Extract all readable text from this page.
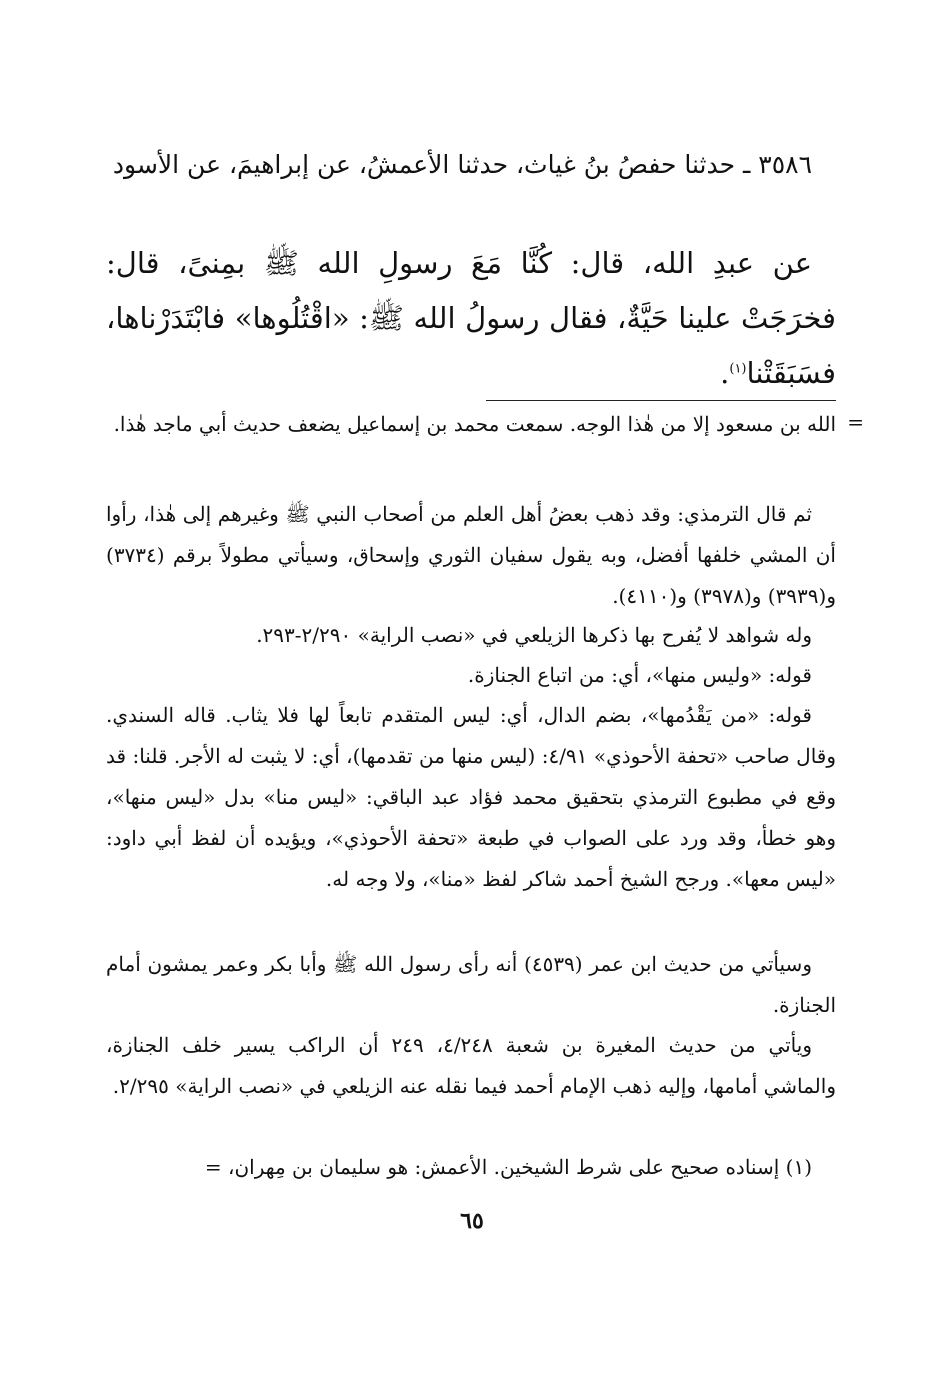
٣٥٨٦ ـ حدثنا حفصُ بنُ غياث، حدثنا الأعمشُ، عن إبراهيمَ، عن الأسود

عن عبدِ الله، قال: كُنَّا مَعَ رسولِ الله ﷺ بمِنىً، قال: فخرَجَتْ علينا حَيَّةٌ، فقال رسولُ الله ﷺ: «اقْتُلُوها» فابْتَدَرْناها، فسَبَقَتْنا$^{(١)}$.

=

الله بن مسعود إلا من هٰذا الوجه. سمعت محمد بن إسماعيل يضعف حديث أبي ماجد هٰذا.

ثم قال الترمذي: وقد ذهب بعضُ أهل العلم من أصحاب النبي ﷺ وغيرهم إلى هٰذا، رأوا أن المشي خلفها أفضل، وبه يقول سفيان الثوري وإسحاق، وسيأتي مطولاً برقم (٣٧٣٤) و(٣٩٣٩) و(٣٩٧٨) و(٤١١٠).

وله شواهد لا يُفرح بها ذكرها الزيلعي في «نصب الراية» ٢/٢٩٠-٢٩٣.

قوله: «وليس منها»، أي: من اتباع الجنازة.

قوله: «من يَقْدُمها»، بضم الدال، أي: ليس المتقدم تابعاً لها فلا يثاب. قاله السندي. وقال صاحب «تحفة الأحوذي» ٤/٩١: (ليس منها من تقدمها)، أي: لا يثبت له الأجر. قلنا: قد وقع في مطبوع الترمذي بتحقيق محمد فؤاد عبد الباقي: «ليس منا» بدل «ليس منها»، وهو خطأ، وقد ورد على الصواب في طبعة «تحفة الأحوذي»، ويؤيده أن لفظ أبي داود: «ليس معها». ورجح الشيخ أحمد شاكر لفظ «منا»، ولا وجه له.

وسيأتي من حديث ابن عمر (٤٥٣٩) أنه رأى رسول الله ﷺ وأبا بكر وعمر يمشون أمام الجنازة.

ويأتي من حديث المغيرة بن شعبة ٤/٢٤٨، ٢٤٩ أن الراكب يسير خلف الجنازة، والماشي أمامها، وإليه ذهب الإمام أحمد فيما نقله عنه الزيلعي في «نصب الراية» ٢/٢٩٥.

(١) إسناده صحيح على شرط الشيخين. الأعمش: هو سليمان بن مِهران، =

٦٥
